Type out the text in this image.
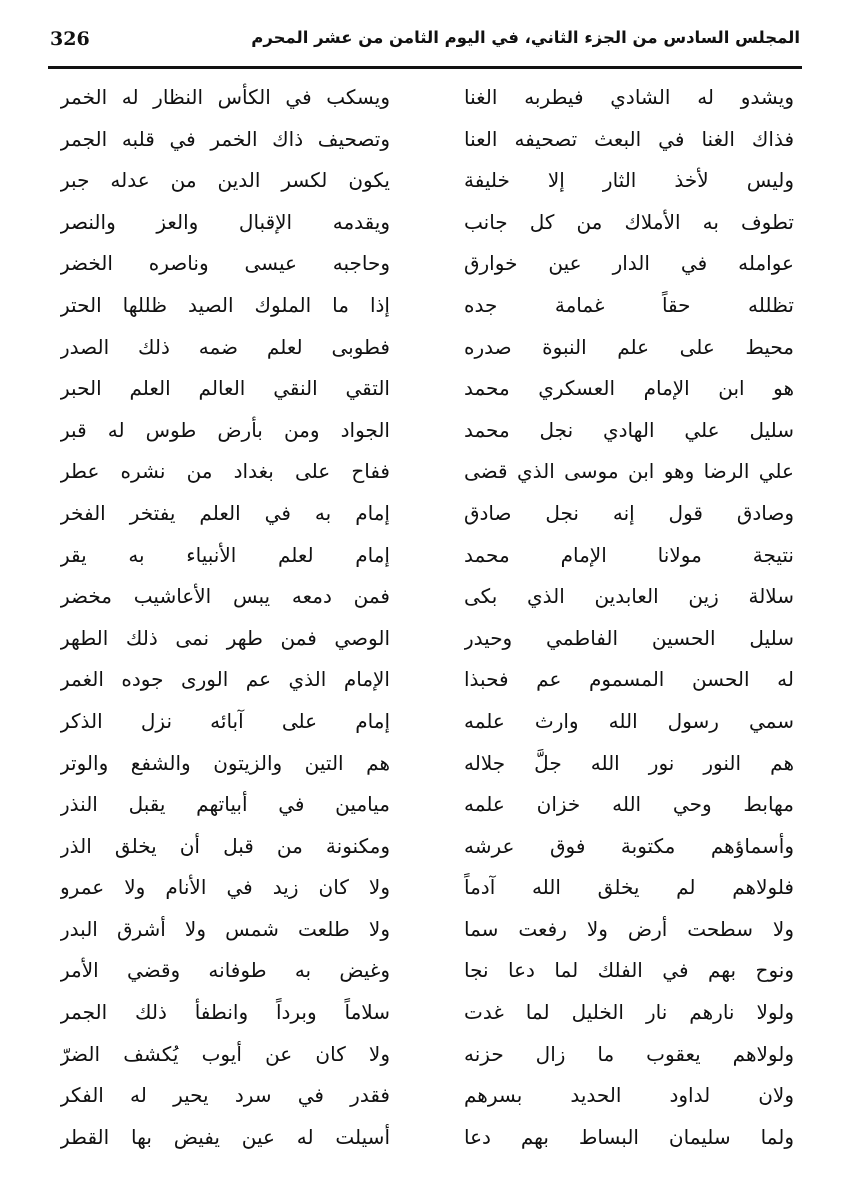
326	المجلس السادس من الجزء الثاني، في اليوم الثامن من عشر المحرم
ويشدو له الشادي فيطربه الغنا
ويسكب في الكأس النظار له الخمر
فذاك الغنا في البعث تصحيفه العنا
وتصحيف ذاك الخمر في قلبه الجمر
وليس لأخذ الثار إلا خليفة
يكون لكسر الدين من عدله جبر
تطوف به الأملاك من كل جانب
ويقدمه الإقبال والعز والنصر
عوامله في الدار عين خوارق
وحاجبه عيسى وناصره الخضر
تظلله حقاً غمامة جده
إذا ما الملوك الصيد ظللها الحتر
محيط على علم النبوة صدره
فطوبى لعلم ضمه ذلك الصدر
هو ابن الإمام العسكري محمد
التقي النقي العالم العلم الحبر
سليل علي الهادي نجل محمد
الجواد ومن بأرض طوس له قبر
علي الرضا وهو ابن موسى الذي قضى
ففاح على بغداد من نشره عطر
وصادق قول إنه نجل صادق
إمام به في العلم يفتخر الفخر
نتيجة مولانا الإمام محمد
إمام لعلم الأنبياء به يقر
سلالة زين العابدين الذي بكى
فمن دمعه يبس الأعاشيب مخضر
سليل الحسين الفاطمي وحيدر
الوصي فمن طهر نمى ذلك الطهر
له الحسن المسموم عم فحبذا
الإمام الذي عم الورى جوده الغمر
سمي رسول الله وارث علمه
إمام على آبائه نزل الذكر
هم النور نور الله جلَّ جلاله
هم التين والزيتون والشفع والوتر
مهابط وحي الله خزان علمه
ميامين في أبياتهم يقبل النذر
وأسماؤهم مكتوبة فوق عرشه
ومكنونة من قبل أن يخلق الذر
فلولاهم لم يخلق الله آدماً
ولا كان زيد في الأنام ولا عمرو
ولا سطحت أرض ولا رفعت سما
ولا طلعت شمس ولا أشرق البدر
ونوح بهم في الفلك لما دعا نجا
وغيض به طوفانه وقضي الأمر
ولولا نارهم نار الخليل لما غدت
سلاماً وبرداً وانطفأ ذلك الجمر
ولولاهم يعقوب ما زال حزنه
ولا كان عن أيوب يُكشف الضرّ
ولان لداود الحديد بسرهم
فقدر في سرد يحير له الفكر
ولما سليمان البساط بهم دعا
أسيلت له عين يفيض بها القطر
